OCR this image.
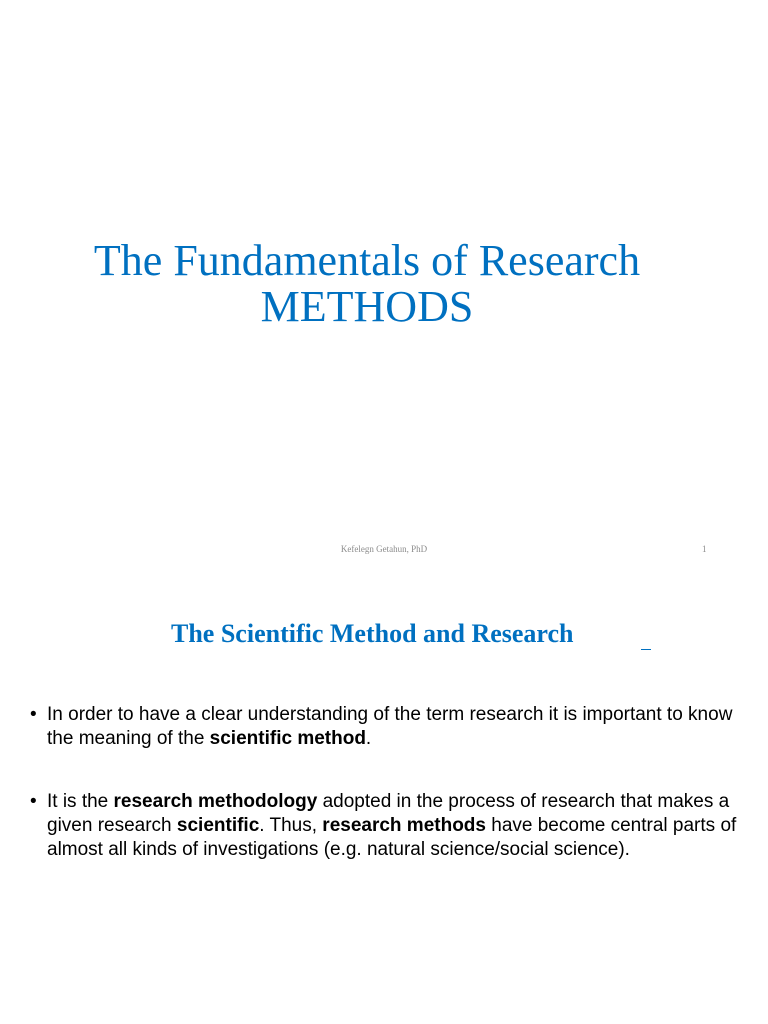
The Fundamentals of Research
METHODS
Kefelegn Getahun, PhD	1
The Scientific Method and Research
• In order to have a clear understanding of the term research it is important to know the meaning of the scientific method.
• It is the research methodology adopted in the process of research that makes a given research scientific. Thus, research methods have become central parts of almost all kinds of investigations (e.g. natural science/social science).
